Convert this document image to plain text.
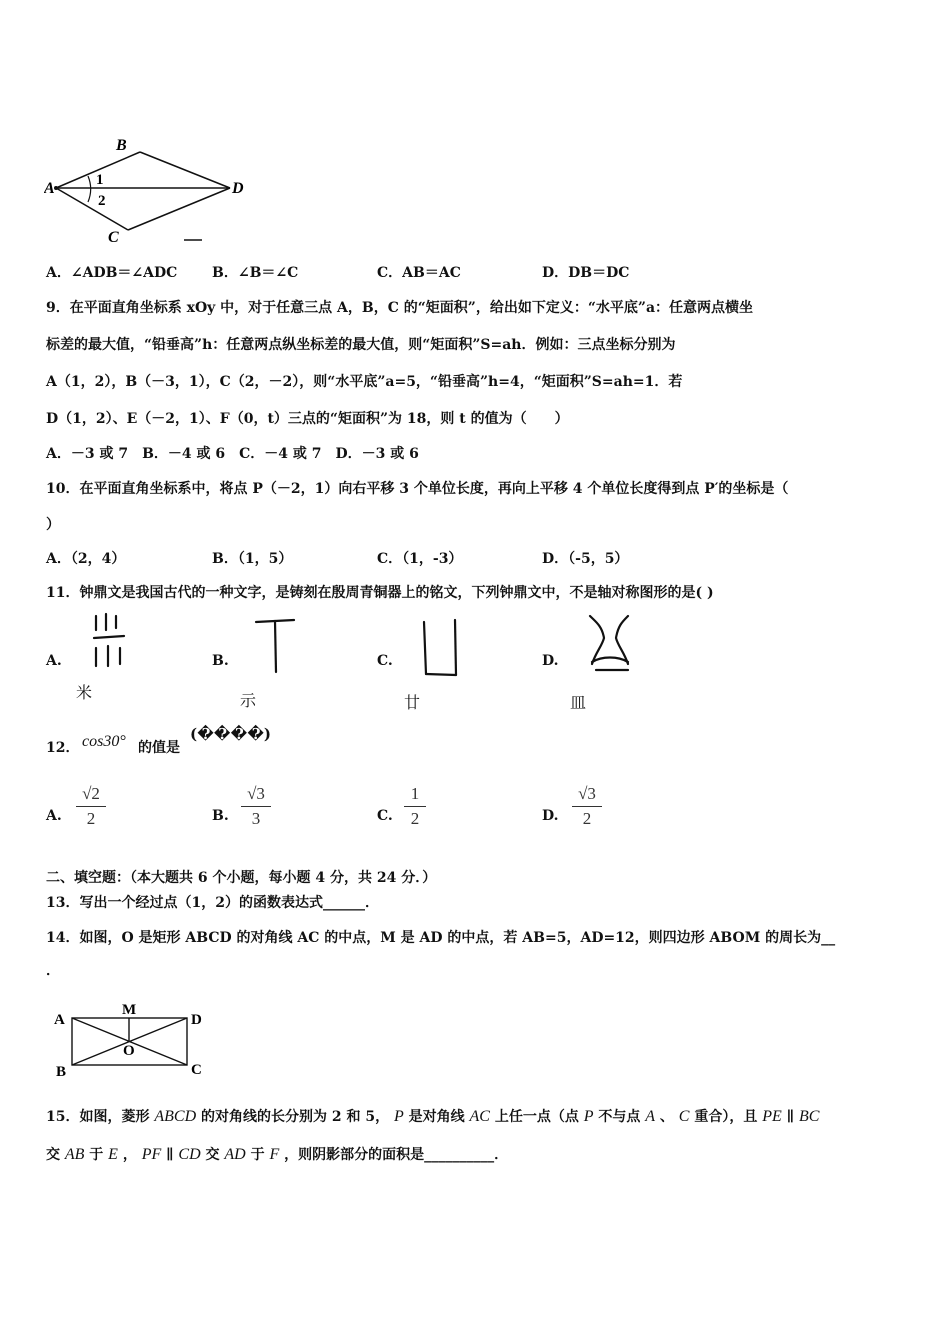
B
A	D
C
1
2
A．∠ADB＝∠ADC B．∠B＝∠C	C．AB＝AC	D．DB＝DC
9．在平面直角坐标系 xOy 中，对于任意三点 A，B，C 的“矩面积”，给出如下定义：“水平底”a：任意两点横坐
标差的最大值，“铅垂高”h：任意两点纵坐标差的最大值，则“矩面积”S=ah．例如：三点坐标分别为
A（1，2），B（－3，1），C（2，－2），则“水平底”a=5，“铅垂高”h=4，“矩面积”S=ah=1．若
D（1，2）、E（－2，1）、F（0，t）三点的“矩面积”为 18，则 t 的值为（　　）
A．－3 或 7　B．－4 或 6　C．－4 或 7　D．－3 或 6
10．在平面直角坐标系中，将点 P（－2，1）向右平移 3 个单位长度，再向上平移 4 个单位长度得到点 P′的坐标是（
）
A．（2，4）	B．（1，5）	C．（1，-3）	D．（-5，5）
11．钟鼎文是我国古代的一种文字，是铸刻在殷周青铜器上的铭文，下列钟鼎文中，不是轴对称图形的是( )
A.	B.	C.	D.
米	示	廿	皿
12． cos30° 的值是
(����)
A.	B.	C.	D.
√2
2
√3
3
1
2
√3
2
二、填空题：（本大题共 6 个小题，每小题 4 分，共 24 分．）
13．写出一个经过点（1，2）的函数表达式______．
14．如图，O 是矩形 ABCD 的对角线 AC 的中点，M 是 AD 的中点，若 AB=5，AD=12，则四边形 ABOM 的周长为__
．
A
M
D
B
O
C
15．如图，菱形 ABCD 的对角线的长分别为 2 和 5， P 是对角线 AC 上任一点（点 P 不与点 A 、 C 重合），且 PE ∥ BC
交 AB 于 E ， PF ∥ CD 交 AD 于 F ，则阴影部分的面积是__________．
